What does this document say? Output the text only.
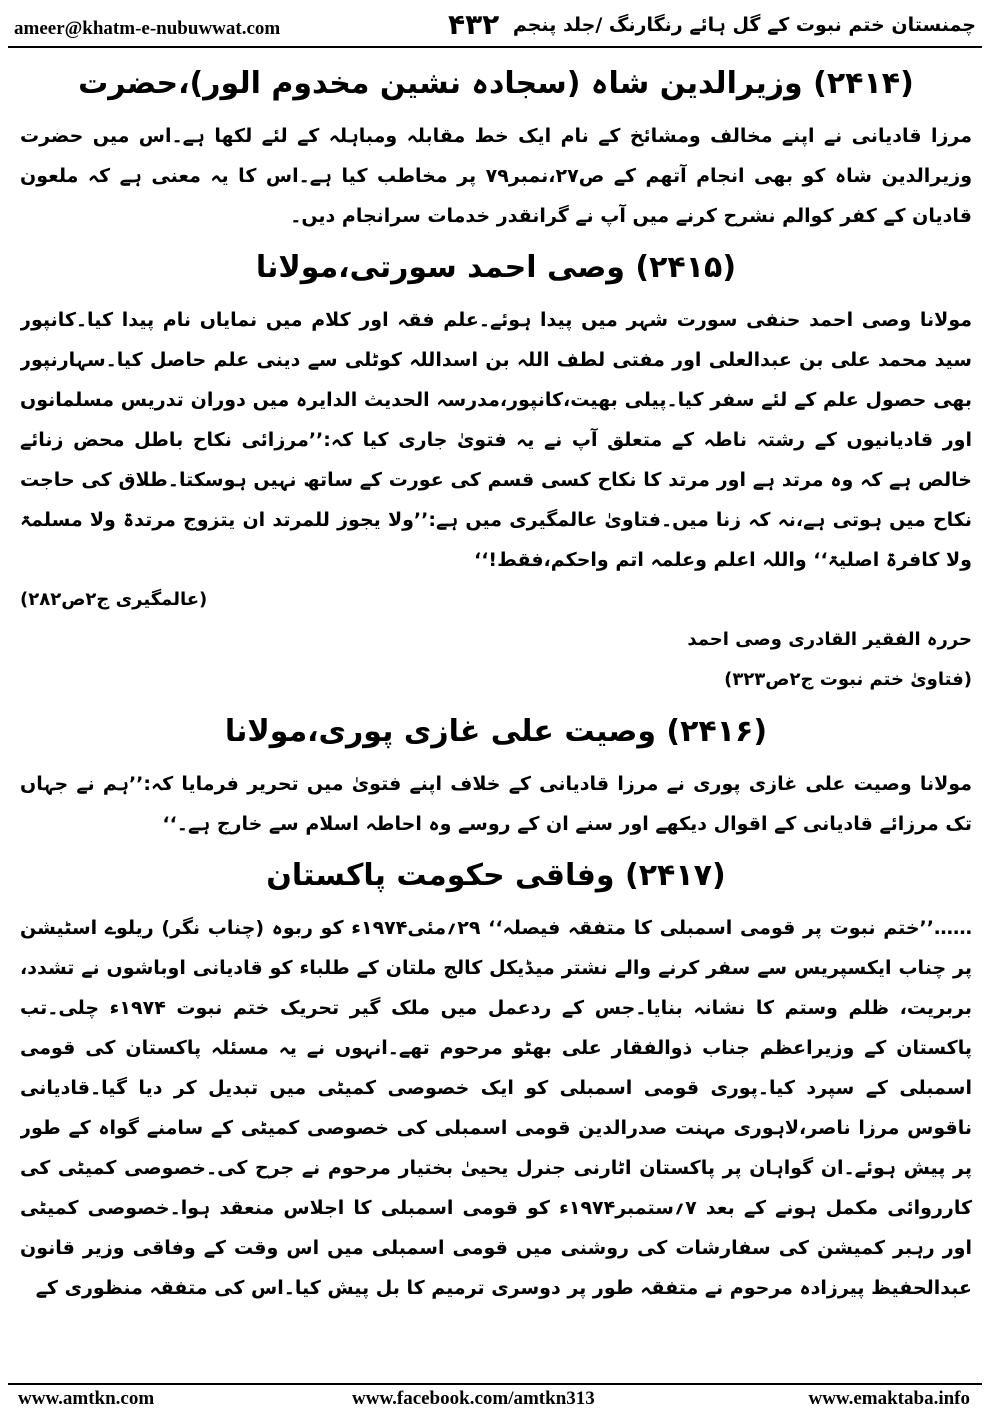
ameer@khatm-e-nubuwwat.com	۴۳۲ چمنستان ختم نبوت کے گل ہائے رنگارنگ /جلد پنجم
(۲۴۱۴) وزیرالدین شاہ (سجادہ نشین مخدوم الور)،حضرت

مرزا قادیانی نے اپنے مخالف ومشائخ کے نام ایک خط مقابلہ ومباہلہ کے لئے لکھا ہے۔اس میں حضرت وزیرالدین شاہ کو بھی انجام آتھم کے ص۲۷،نمبر۷۹ پر مخاطب کیا ہے۔اس کا یہ معنی ہے کہ ملعون قادیان کے کفر کوالم نشرح کرنے میں آپ نے گرانقدر خدمات سرانجام دیں۔

(۲۴۱۵) وصی احمد سورتی،مولانا

مولانا وصی احمد حنفی سورت شہر میں پیدا ہوئے۔علم فقہ اور کلام میں نمایاں نام پیدا کیا۔کانپور سید محمد علی بن عبدالعلی اور مفتی لطف اللہ بن اسداللہ کوٹلی سے دینی علم حاصل کیا۔سہارنپور بھی حصول علم کے لئے سفر کیا۔پیلی بھیت،کانپور،مدرسہ الحدیث الدایرہ میں دوران تدریس مسلمانوں اور قادیانیوں کے رشتہ ناطہ کے متعلق آپ نے یہ فتویٰ جاری کیا کہ:’’مرزائی نکاح باطل محض زنائے خالص ہے کہ وہ مرتد ہے اور مرتد کا نکاح کسی قسم کی عورت کے ساتھ نہیں ہوسکتا۔طلاق کی حاجت نکاح میں ہوتی ہے،نہ کہ زنا میں۔فتاویٰ عالمگیری میں ہے:’’ولا یجوز للمرتد ان یتزوج مرتدۃ ولا مسلمۃ ولا کافرۃ اصلیۃ‘‘ واللہ اعلم وعلمہ اتم واحکم،فقط!‘‘

(عالمگیری ج۲ص۲۸۲)
حررہ الفقیر القادری وصی احمد
(فتاویٰ ختم نبوت ج۲ص۳۲۳)
(۲۴۱۶) وصیت علی غازی پوری،مولانا

مولانا وصیت علی غازی پوری نے مرزا قادیانی کے خلاف اپنے فتویٰ میں تحریر فرمایا کہ:’’ہم نے جہاں تک مرزائے قادیانی کے اقوال دیکھے اور سنے ان کے روسے وہ احاطہ اسلام سے خارج ہے۔‘‘

(۲۴۱۷) وفاقی حکومت پاکستان

……’’ختم نبوت پر قومی اسمبلی کا متفقہ فیصلہ‘‘ ۲۹؍مئی۱۹۷۴ء کو ربوہ (چناب نگر) ریلوے اسٹیشن پر چناب ایکسپریس سے سفر کرنے والے نشتر میڈیکل کالج ملتان کے طلباء کو قادیانی اوباشوں نے تشدد، بربریت، ظلم وستم کا نشانہ بنایا۔جس کے ردعمل میں ملک گیر تحریک ختم نبوت ۱۹۷۴ء چلی۔تب پاکستان کے وزیراعظم جناب ذوالفقار علی بھٹو مرحوم تھے۔انہوں نے یہ مسئلہ پاکستان کی قومی اسمبلی کے سپرد کیا۔پوری قومی اسمبلی کو ایک خصوصی کمیٹی میں تبدیل کر دیا گیا۔قادیانی ناقوس مرزا ناصر،لاہوری مہنت صدرالدین قومی اسمبلی کی خصوصی کمیٹی کے سامنے گواہ کے طور پر پیش ہوئے۔ان گواہان پر پاکستان اٹارنی جنرل یحییٰ بختیار مرحوم نے جرح کی۔خصوصی کمیٹی کی کارروائی مکمل ہونے کے بعد ۷؍ستمبر۱۹۷۴ء کو قومی اسمبلی کا اجلاس منعقد ہوا۔خصوصی کمیٹی اور رہبر کمیشن کی سفارشات کی روشنی میں قومی اسمبلی میں اس وقت کے وفاقی وزیر قانون عبدالحفیظ پیرزادہ مرحوم نے متفقہ طور پر دوسری ترمیم کا بل پیش کیا۔اس کی متفقہ منظوری کے

www.amtkn.com	www.facebook.com/amtkn313	www.emaktaba.info
